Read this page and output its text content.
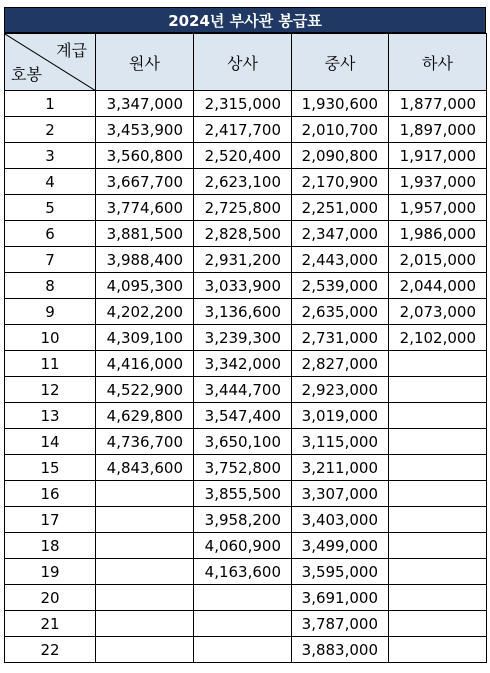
2024년 부사관 봉급표
계급
호봉	원사	상사	중사	하사
1	3,347,000	2,315,000	1,930,600	1,877,000
2	3,453,900	2,417,700	2,010,700	1,897,000
3	3,560,800	2,520,400	2,090,800	1,917,000
4	3,667,700	2,623,100	2,170,900	1,937,000
5	3,774,600	2,725,800	2,251,000	1,957,000
6	3,881,500	2,828,500	2,347,000	1,986,000
7	3,988,400	2,931,200	2,443,000	2,015,000
8	4,095,300	3,033,900	2,539,000	2,044,000
9	4,202,200	3,136,600	2,635,000	2,073,000
10	4,309,100	3,239,300	2,731,000	2,102,000
11	4,416,000	3,342,000	2,827,000	
12	4,522,900	3,444,700	2,923,000	
13	4,629,800	3,547,400	3,019,000	
14	4,736,700	3,650,100	3,115,000	
15	4,843,600	3,752,800	3,211,000	
16		3,855,500	3,307,000	
17		3,958,200	3,403,000	
18		4,060,900	3,499,000	
19		4,163,600	3,595,000	
20			3,691,000	
21			3,787,000	
22			3,883,000	
